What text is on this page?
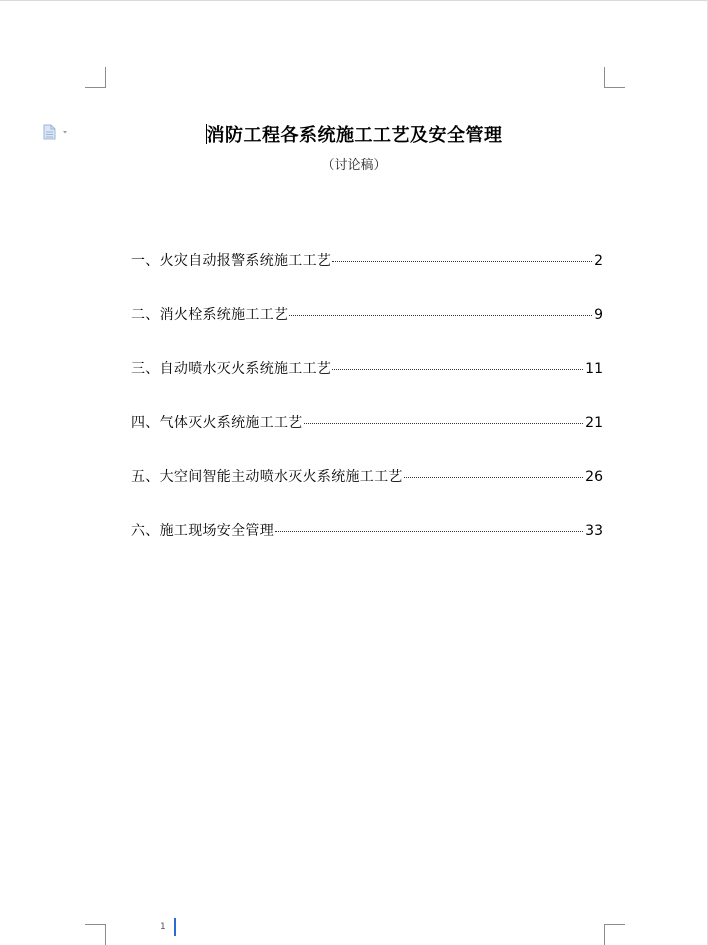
消防工程各系统施工工艺及安全管理
（讨论稿）
一、火灾自动报警系统施工工艺	2
二、消火栓系统施工工艺	9
三、自动喷水灭火系统施工工艺	11
四、气体灭火系统施工工艺	21
五、大空间智能主动喷水灭火系统施工工艺	26
六、施工现场安全管理	33
1
